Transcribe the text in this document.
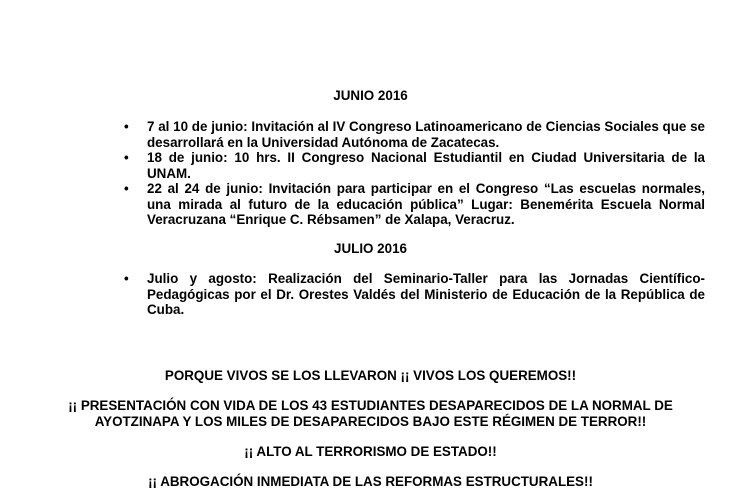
JUNIO 2016
• 7 al 10 de junio: Invitación al IV Congreso Latinoamericano de Ciencias Sociales que se desarrollará en la Universidad Autónoma de Zacatecas.
• 18 de junio: 10 hrs. II Congreso Nacional Estudiantil en Ciudad Universitaria de la UNAM.
• 22 al 24 de junio: Invitación para participar en el Congreso “Las escuelas normales, una mirada al futuro de la educación pública” Lugar: Benemérita Escuela Normal Veracruzana “Enrique C. Rébsamen” de Xalapa, Veracruz.
JULIO 2016
• Julio y agosto: Realización del Seminario-Taller para las Jornadas Científico-Pedagógicas por el Dr. Orestes Valdés del Ministerio de Educación de la República de Cuba.
PORQUE VIVOS SE LOS LLEVARON ¡¡ VIVOS LOS QUEREMOS!!
¡¡ PRESENTACIÓN CON VIDA DE LOS 43 ESTUDIANTES DESAPARECIDOS DE LA NORMAL DE AYOTZINAPA Y LOS MILES DE DESAPARECIDOS BAJO ESTE RÉGIMEN DE TERROR!!
¡¡ ALTO AL TERRORISMO DE ESTADO!!
¡¡ ABROGACIÓN INMEDIATA DE LAS REFORMAS ESTRUCTURALES!!
